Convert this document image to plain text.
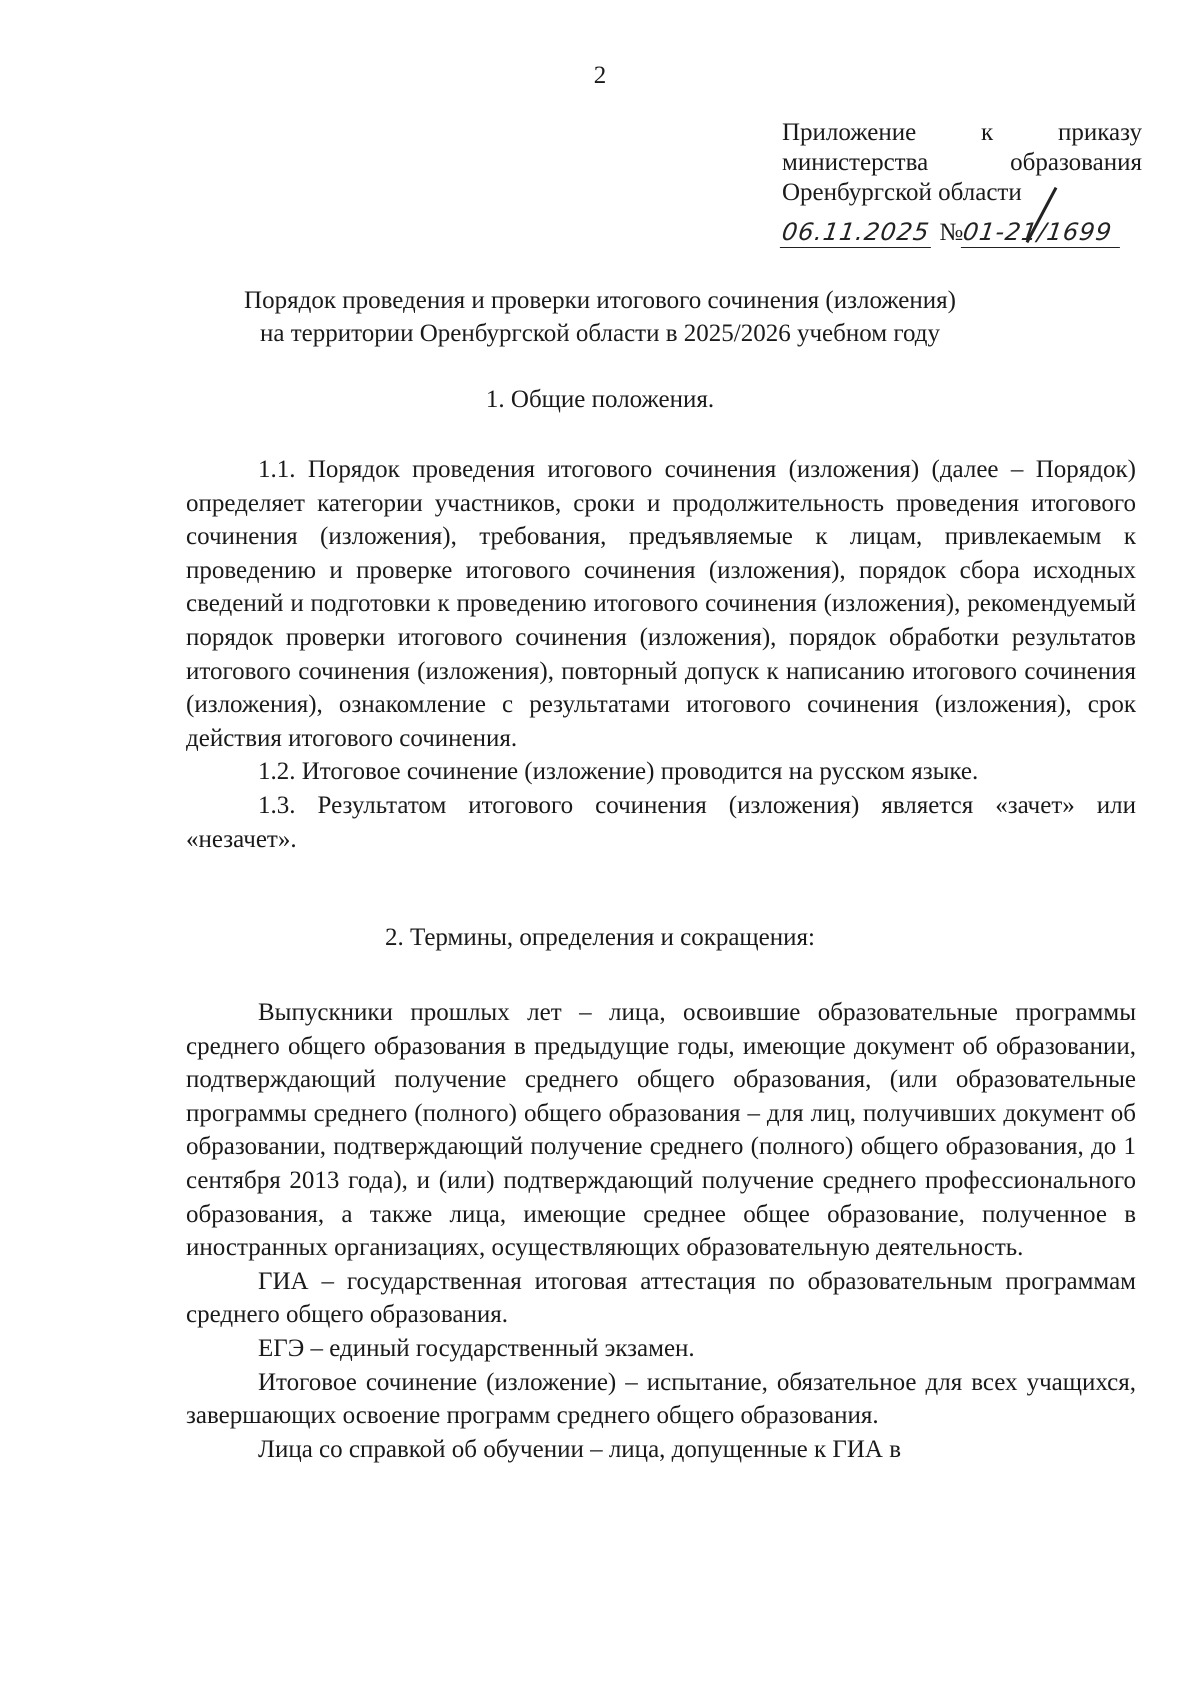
2
Приложение	к	приказу
министерства	образования
Оренбургской области
06.11.2025 №
01-21/1699
Порядок проведения и проверки итогового сочинения (изложения)
на территории Оренбургской области в 2025/2026 учебном году
1. Общие положения.

1.1. Порядок проведения итогового сочинения (изложения) (далее – Порядок) определяет категории участников, сроки и продолжительность проведения итогового сочинения (изложения), требования, предъявляемые к лицам, привлекаемым к проведению и проверке итогового сочинения (изложения), порядок сбора исходных сведений и подготовки к проведению итогового сочинения (изложения), рекомендуемый порядок проверки итогового сочинения (изложения), порядок обработки результатов итогового сочинения (изложения), повторный допуск к написанию итогового сочинения (изложения), ознакомление с результатами итогового сочинения (изложения), срок действия итогового сочинения.

1.2. Итоговое сочинение (изложение) проводится на русском языке.

1.3. Результатом итогового сочинения (изложения) является «зачет» или «незачет».

2. Термины, определения и сокращения:

Выпускники прошлых лет – лица, освоившие образовательные программы среднего общего образования в предыдущие годы, имеющие документ об образовании, подтверждающий получение среднего общего образования, (или образовательные программы среднего (полного) общего образования – для лиц, получивших документ об образовании, подтверждающий получение среднего (полного) общего образования, до 1 сентября 2013 года), и (или) подтверждающий получение среднего профессионального образования, а также лица, имеющие среднее общее образование, полученное в иностранных организациях, осуществляющих образовательную деятельность.

ГИА – государственная итоговая аттестация по образовательным программам среднего общего образования.

ЕГЭ – единый государственный экзамен.

Итоговое сочинение (изложение) – испытание, обязательное для всех учащихся, завершающих освоение программ среднего общего образования.

Лица со справкой об обучении – лица, допущенные к ГИА в
